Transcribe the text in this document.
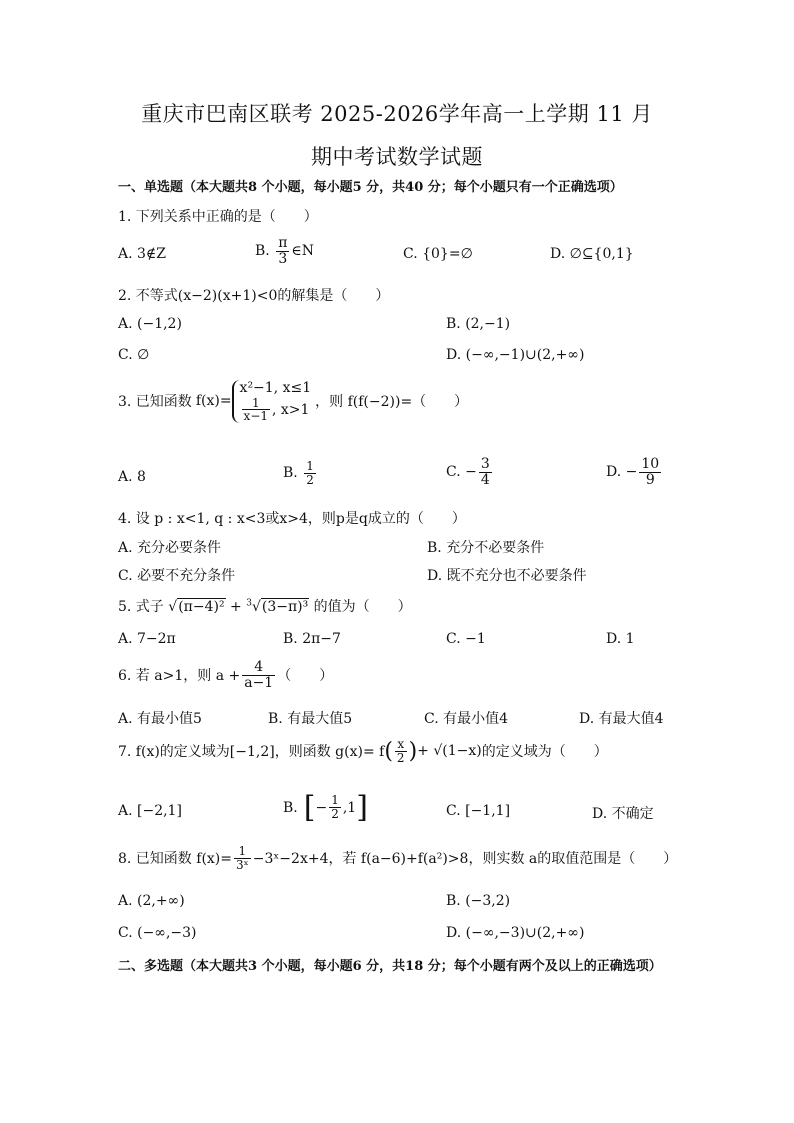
重庆市巴南区联考 2025-2026学年高一上学期 11 月
期中考试数学试题
一、单选题（本大题共8 个小题，每小题5 分，共40 分；每个小题只有一个正确选项）
1. 下列关系中正确的是（　　）
A. 3∉Z	B. $\frac{\pi}{3}$ ∈N	C. {0}=∅	D. ∅⊆{0,1}
2. 不等式(x−2)(x+1)<0的解集是（　　）
A. (−1,2)	B. (2,−1)
C. ∅	D. (−∞,−1)∪(2,+∞)
3. 已知函数 f(x)=
x²−1, x≤1

$\frac{1}{x-1}$ , x>1 ，则 f(f(−2))=（　　）
A. 8	B. $\frac{1}{2}$	C. − $\frac{3}{4}$	D. − $\frac{10}{9}$
4. 设 p : x<1, q : x<3或x>4，则p是q成立的（　　）
A. 充分必要条件	B. 充分不必要条件
C. 必要不充分条件	D. 既不充分也不必要条件
5. 式子 √(π−4)² + $^3$√(3−π)³ 的值为（　　）
A. 7−2π	B. 2π−7	C. −1	D. 1
6. 若 a>1，则 $a + \frac{4}{a-1}$ （　　）
A. 有最小值5	B. 有最大值5	C. 有最小值4	D. 有最大值4
7. f(x)的定义域为[−1,2]，则函数 g(x)= f ( $\frac{x}{2}$ ) + √(1−x) 的定义域为（　　）
A. [−2,1]	B. [ − $\frac{1}{2} ,1$ ]	C. [−1,1]	D. 不确定
8. 已知函数 $f(x)= \frac{1}{\text{3ˣ}}$ −3ˣ−2x+4，若 f(a−6)+f(a²)>8，则实数 a的取值范围是（　　）
A. (2,+∞)	B. (−3,2)
C. (−∞,−3)	D. (−∞,−3)∪(2,+∞)
二、多选题（本大题共3 个小题，每小题6 分，共18 分；每个小题有两个及以上的正确选项）
